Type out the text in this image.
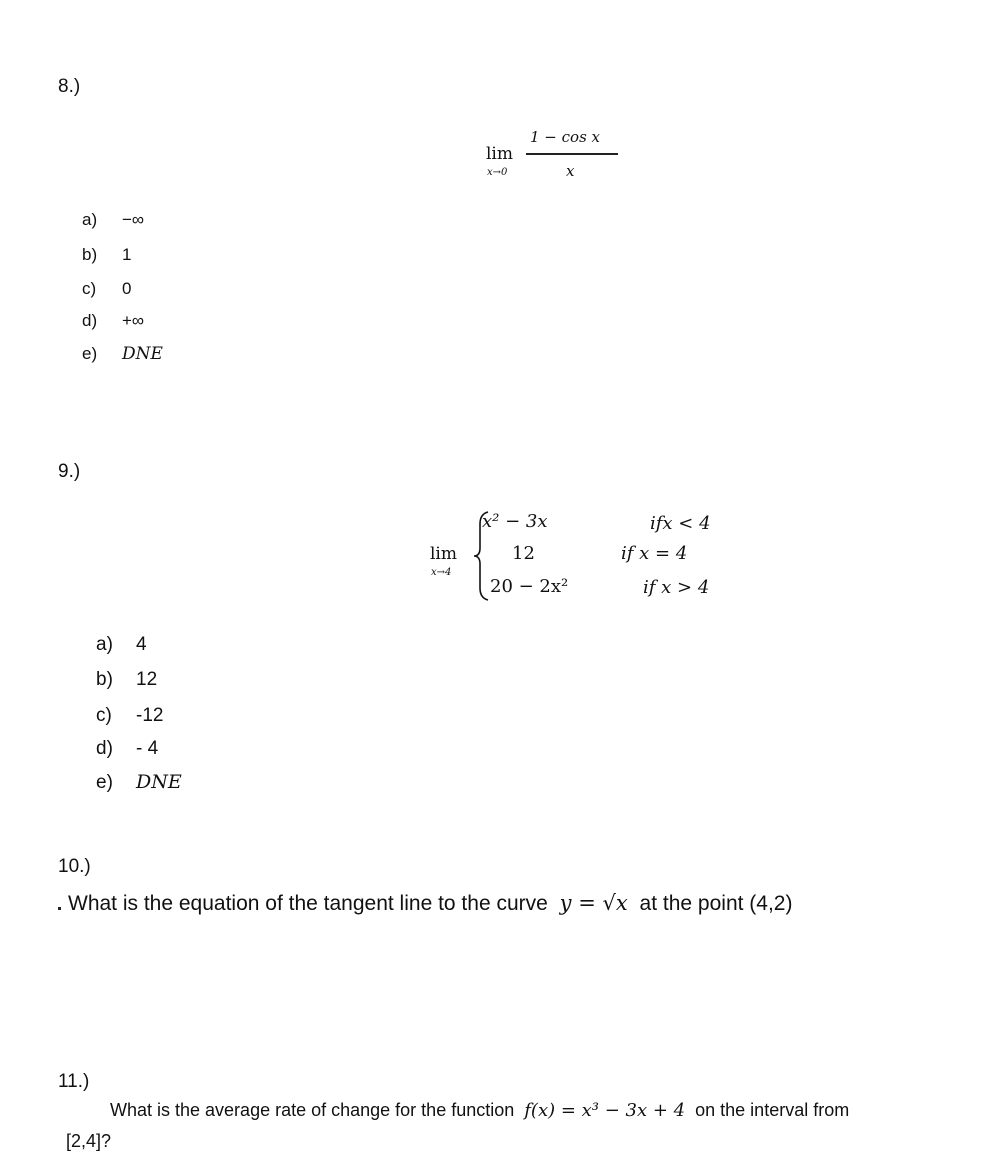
8.)
lim
x→0
1 − cos x
x
a) −∞
b) 1
c) 0
d) +∞
e) DNE
9.)
lim
x→4
x² − 3x
12
20 − 2x²
ifx < 4
if x = 4
if x > 4
a) 4
b) 12
c) -12
d) - 4
e) DNE
10.)
What is the equation of the tangent line to the curve y = √x at the point (4,2)
11.)
What is the average rate of change for the function f(x) = x³ − 3x + 4 on the interval from
[2,4]?
